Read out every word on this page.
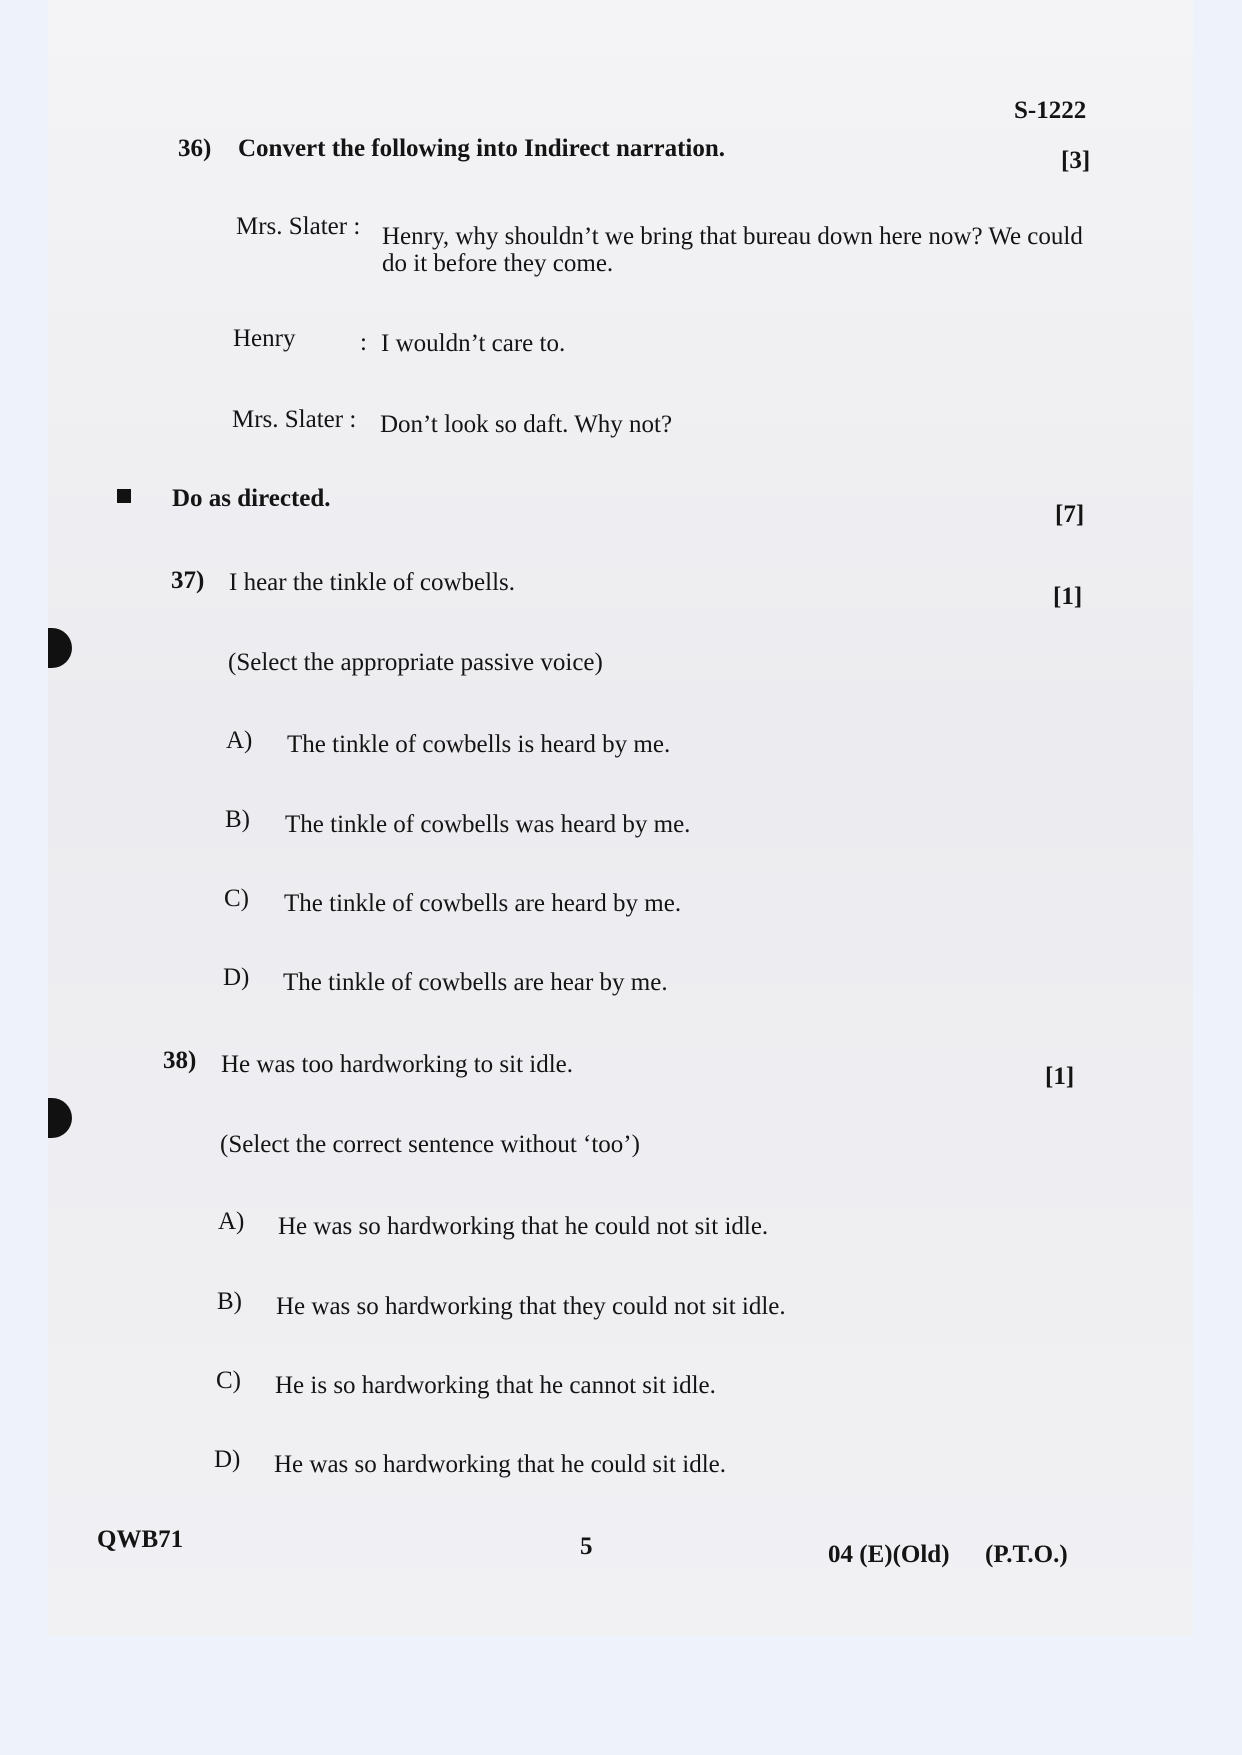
S-1222
36) Convert the following into Indirect narration.	[3]
Mrs. Slater : Henry, why shouldn’t we bring that bureau down here now? We could
do it before they come.
Henry	: I wouldn’t care to.
Mrs. Slater : Don’t look so daft. Why not?
Do as directed.
[7]
37) I hear the tinkle of cowbells.
[1]
(Select the appropriate passive voice)
A) The tinkle of cowbells is heard by me.
B) The tinkle of cowbells was heard by me.
C) The tinkle of cowbells are heard by me.
D) The tinkle of cowbells are hear by me.
38) He was too hardworking to sit idle.	[1]
(Select the correct sentence without ‘too’)
A) He was so hardworking that he could not sit idle.
B) He was so hardworking that they could not sit idle.
C) He is so hardworking that he cannot sit idle.
D) He was so hardworking that he could sit idle.
QWB71	5	04 (E)(Old) (P.T.O.)
